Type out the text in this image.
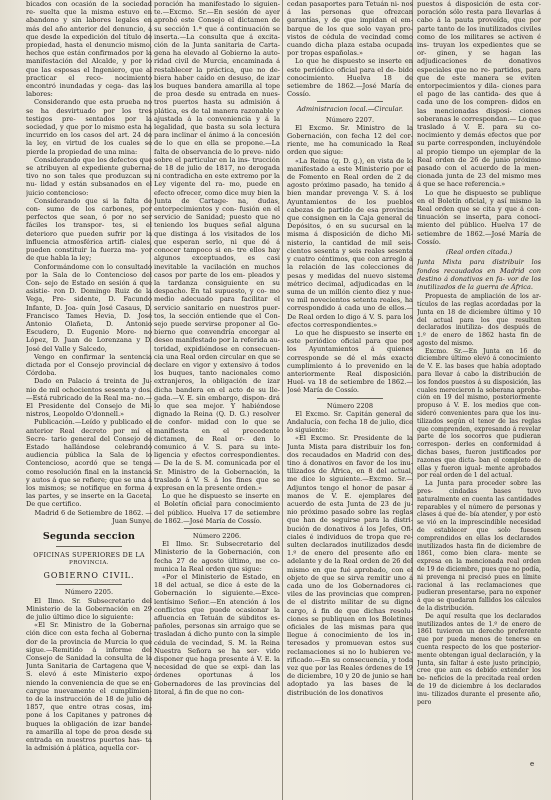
bicados con ocasión de la sociedad re- suelta que la misma estuvo en abandono y sin labores legales en más del año anterior del denuncio, á que desde la expedición del título de propiedad, hasta el denuncio mismo, hechos que están confirmados por la manifestación del Alcalde, y por lo que las esposas el Ingeniero, que al practicar el reco- nocimiento encontró inundadas y cega- das las labores:

Considerando que esta prueba no se ha desvirtuado por los tres testigos pre- sentados por la sociedad, y que por lo mismo esta ha incurrido en los casos del art. 24 de la ley, en virtud de los cuales se pierde la propiedad de una mina:

Considerando que los defectos que se atribuyen al expediente guberna- tivo no son tales que produzcan su nu- lidad y están subsanados en el juicio contencioso:

Considerando que si la falta de con- sumo de los carbones, por perfectos que sean, ó por no ser fáciles los transpor- tes, si el deterioro que pueden sufrir por la influencia atmosférica artifi- ciales, pueden constituir la fuerza ma- yor de que habla la ley;

Conformándome con lo consultado por la Sala de lo Contencioso del Con- sejo de Estado en sesión á que asistie- ron D. Domingo Ruiz de la Vega, Pre- sidente, D. Facundo Infante, D. Joa- quín José Casaus, D. Francisco Tames Hevia, D. José Antonio Olañeta, D. Antonio Escudero, D. Eugenio More- no López, D. Juan de Lorenzana y D. José del Valle y Salcedo,

Vengo en confirmar la sentencia dictada por el Consejo provincial de Córdoba.

Dado en Palacio á treinta de Ju- nio de mil ochocientos sesenta y dos.—Está rubricado de la Real ma- no.—El Presidente del Consejo de Mi- nistros, Leopoldo O'donnell.»

Publicación.—Leído y publicado el anterior Real decreto por mí el Secre- tario general del Consejo de Estado hallándose celebrando audiencia pública la Sala de lo Contencioso, acordó que se tenga como resolución final en la instancia y autos á que se refiere; que se una á los mismos; se notifique en forma á las partes, y se inserte en la Gaceta. De que certifico.

Madrid 6 de Setiembre de 1862. —Juan Sunye.

Segunda seccion
OFICINAS SUPERIORES DE LA
PROVINCIA.
GOBIERNO CIVIL.
Número 2205.

El Ilmo. Sr. Subsecretario del Ministerio de la Gobernación en 29 de julio último dice lo siguiente:

«El Sr. Ministro de la Goberna- ción dice con esta fecha al Goberna- dor de la provincia de Murcia lo que sigue.—Remitido á informe del Consejo de Sanidad la consulta de la Junta Sanitaria de Cartagena que V. S. elevó á este Ministerio expo- niendo la conveniencia de que se en- cargue nuevamente el cumplimien- to de la instrucción de 18 de julio de 1857, que entre otras cosas, im- pone á los Capitanes y patrones de buques la obligación de izar bande- ra amarilla al tope de proa desde su entrada en nuestros puertos has- ta la admisión á plática, aquella cor-

poración ha manifestado lo siguien- te.—Excmo. Sr.—En sesión de ayer aprobó este Consejo el dictamen de su sección 1.ª que á continuación se inserta.—La consulta que á excita- ción de la Junta sanitaria de Carta- gena ha elevado al Gobierno la auto- ridad civil de Murcia, encaminada á restablecer la práctica, que no de- biera haber caído en desuso, de izar los buques bandera amarilla al tope de proa desde su entrada en nues- tros puertos hasta su admisión á plática, es de tal manera razonable y ajustada á la conveniencia y á la legalidad, que basta su sola lectura para inclinar el ánimo á la concesión de lo que en ella se propone.—La falta de observancia de lo preve- nido sobre el particular en la ins- trucción de 18 de julio de 1817, no derogada ni contradicha en este extremo por la Ley vigente del ra- mo, puede en efecto ofrecer, como dice muy bien la Junta de Cartage- na, dudas, entorpecimientos y con- fusión en el servicio de Sanidad; puesto que no teniendo los buques señal alguna que distinga á los visitados de los que esperan serlo, ni que dé á conocer tampoco si en- tre ellos hay algunos exceptuados, es casi inevitable la vacilación en muchos casos por parte de los em- pleados y la tardanza consiguiente en su despacho. En tal supuesto, y co- mo medio adecuado para facilitar el servicio sanitario en nuestros puer- tos, la sección entiende que el Con- sejo puede servirse proponer al Go- bierno que convendría encorgar al deseo manifestado por la referida au- toridad, expidiéndose en consecuen- cia una Real orden circular en que se declare en vigor y extensivo á todos los buques, tanto nacionales como extranjeros, la obligación de izar dicha bandera en el acto de su lle- gada.—V. E. sin embargo, dispon- drá lo que sea mejor. Y habiéndose dignado la Reina (Q. D. G.) resolver de confor- midad con lo que se manifiesta en el precedente dictamen, de Real or- den lo comunico á V. S. para su inte- ligencia y efectos correspondientes.— De la de S. M. comunicada por el Sr. Ministro de la Gobernación, la traslado á V. S. á los fines que se expresan en la presente orden.»

Lo que he dispuesto se inserte en el Boletín oficial para conocimiento del público. Huelva 17 de setiembre de 1862.—José María de Cossío.

Número 2206.

El Ilmo. Sr. Subsecretario del Ministerio de la Gobernación, con fecha 27 de agosto último, me co- munica la Real orden que sigue:

«Por el Ministerio de Estado, en 18 del actual, se dice á este de la Gobernación lo siguiente.—Exce- lentísimo Señor.—En atención á los conflictos que puede ocasionar la afluencia en Tetuán de súbditos es- pañoles, personas sin arraigo que se trasladan á dicho punto con la simple cédula de vecindad, S. M. la Reina Nuestra Señora se ha ser- vido disponer que haga presente á V. E. la necesidad de que se expi- dan las órdenes oportunas á los Gobernadores de las provincias del litoral, á fin de que no con-

cedan pasaportes para Tetuán ni- nos á las personas que ofrezcan garantías, y de que impidan el em- barque de los que solo vayan pro- vistos de cédula de vecindad como cuando dicha plaza estaba ocupada por tropas españolas.»

Lo que he dispuesto se inserte en este periódico oficial para el de- bido conocimiento. Huelva 18 de setiembre de 1862.—José María de Cossío.

Administracion local.—Circular.
Número 2207.

El Excmo. Sr. Ministro de la Gobernación, con fecha 12 del cor- riente, me ha comunicado la Real orden que sigue:

«La Reina (q. D. g.), en vista de lo manifestado a este Ministerio por el de Fomento en Real orden de 2 de agosto próximo pasado, ha tenido á bien mandar prevenga V. S. á los Ayuntamientos de los pueblos cabezas de partido de esa provincia que consignen en la Caja general de Depósitos, ó en su sucursal en la misma á disposición de dicho Mi- nisterio, la cantidad de mil seis- cientos sesenta y seis reales sesenta y cuatro céntimos, que con arreglo á la relación de las colecciones de pesas y medidas del nuevo sistema métrico decimal, adjudicadas en la suma de un millón ciento diez y nue- ve mil novecientos setenta reales, ha correspondido á cada uno de ellos.—De Real orden lo digo á V. S. para los efectos correspondientes.»

Lo que he dispuesto se inserte en este periódico oficial para que por los Ayuntamientos á quienes corresponde se dé el más exacto cumplimiento á lo prevenido en la anteriormente Real disposición. Huel- va 18 de setiembre de 1862.—José María de Cossío.

Número 2208

El Excmo. Sr. Capitán general de Andalucía, con fecha 18 de julio, dice lo siguiente:

«El Excmo. Sr. Presidente de la Junta Mista para distribuir los fon- dos recaudados en Madrid con des- tino á donativos en favor de los inu- tilizados de África, en 8 del actual, me dice lo siguiente.—Excmo. Sr.— Adjuntos tengo el honor de pasar á manos de V. E. ejemplares del acuerdo de esta Junta de 23 de ju- nio próximo pasado sobre las reglas que han de seguirse para la distri- bución de donativos á los Jefes, Ofi- ciales é individuos de tropa que re- sulten declarados inutilizados desde 1.º de enero del presente año en adelante y de la Real orden de 26 del mismo en que fué aprobado, con el objeto de que se sirva remitir uno á cada uno de los Gobernadores ci- viles de las provincias que compren- de el distrito militar de su digno cargo, á fin de que dichas resolu- ciones se publiquen en los Boletines oficiales de las mismas para que llegue á conocimiento de los in- teresados y promuevan estos sus reclamaciones si no lo hubieren ve- rificado.—En su consecuencia, y toda vez que por las Reales órdenes de 19 de diciembre, 10 y 20 de junio se han adoptado ya las bases de la distribución de los donativos

puestos á disposición de esta cor- poración sólo resta para llevarlas á cabo á la pauta proveída, que por parte tanto de los inutilizados civiles como de los militares se activen é ins- truyan los expedientes que se or- ginen, y se hagan las adjudicaciones de donativos especiales que no re- partidos, para que de este manera se eviten entorpecimientos y dila- ciones para el pago de las cantida- des que á cada uno de los compren- didos en las mencionadas disposi- ciones soberanas le correspondan.— Lo que traslado á V. E. para su co- nocimiento y demás efectos que por su parte corresponden, incluyéndole al propio tiempo un ejemplar de la Real orden de 26 de junio próximo pasado con el acuerdo de la men- cionada junta de 23 del mismo mes á que se hace referencia.»

Lo que he dispuesto se publique en el Boletín oficial, y así mismo la Real orden que se cita y que á con- tinuación se inserta, para conoci- miento del público. Huelva 17 de setiembre de 1862.—José María de Cossío.

(Real orden citada.)

Junta Mixta para distribuir los fondos recaudados en Madrid con destino á donativos en fa- vor de los inutilizados de la guerra de África.

Propuesta de ampliación de los ar- tículos de las reglas acordadas por la Junta en 18 de diciembre último y 10 del actual para los que resulten declarados inutiliza- dos después de 1.º de enero de 1862 hasta fin de agosto del mismo.

Excmo. Sr.—En Junta en 16 de diciembre último elevó á conocimiento de V. E. las bases que había adoptado para llevar á cabo la distribución de los fondos puestos á su disposición, las cuales merecieron la soberana aproba- ción en 19 del mismo, posteriormente propuso á V. E. los medios que con- sideró convenientes para que los inu- tilizados según el tenor de las reglas que comprenden, expresando á revelar parte de los socorros que pudieran correspon- derles en conformidad á dichas bases, fueron justificados por razones que dicta- ban el completo de ellas y fueron igual- mente aprobados por real orden de 1 del actual.

La Junta para proceder sobre las pres- cindadas bases tuvo naturalmente en cuenta las cantidades reparables y el número de personas y clases á que de- bía atender, y por esto se vió en la imprescindible necesidad de establecer que solo fuesen comprendidos en ellas los declarados inutilizados hasta fin de diciembre de 1861, como bien clara- mente se expresa en la mencionada real orden de 19 de diciembre, pues que no podía, ni prevenga ni precisó pues en límite racional á las reclamaciones que pudieran presentarse, para no exponer á que se quedaran fallidos los cálculos de la distribución.

De aquí resulta que los declarados inutilizados antes de 1.º de enero de 1861 tuvieron un derecho preferente que por pueda menos de tenerse en cuenta respecto de los que posterior- mente obtengan igual declaración, y la Junta, sin faltar á este justo principio, cree que aun es debido extender los be- neficios de la precitada real orden de 19 de diciembre á los declarados inu- tilizados durante el presente año, pero

e
